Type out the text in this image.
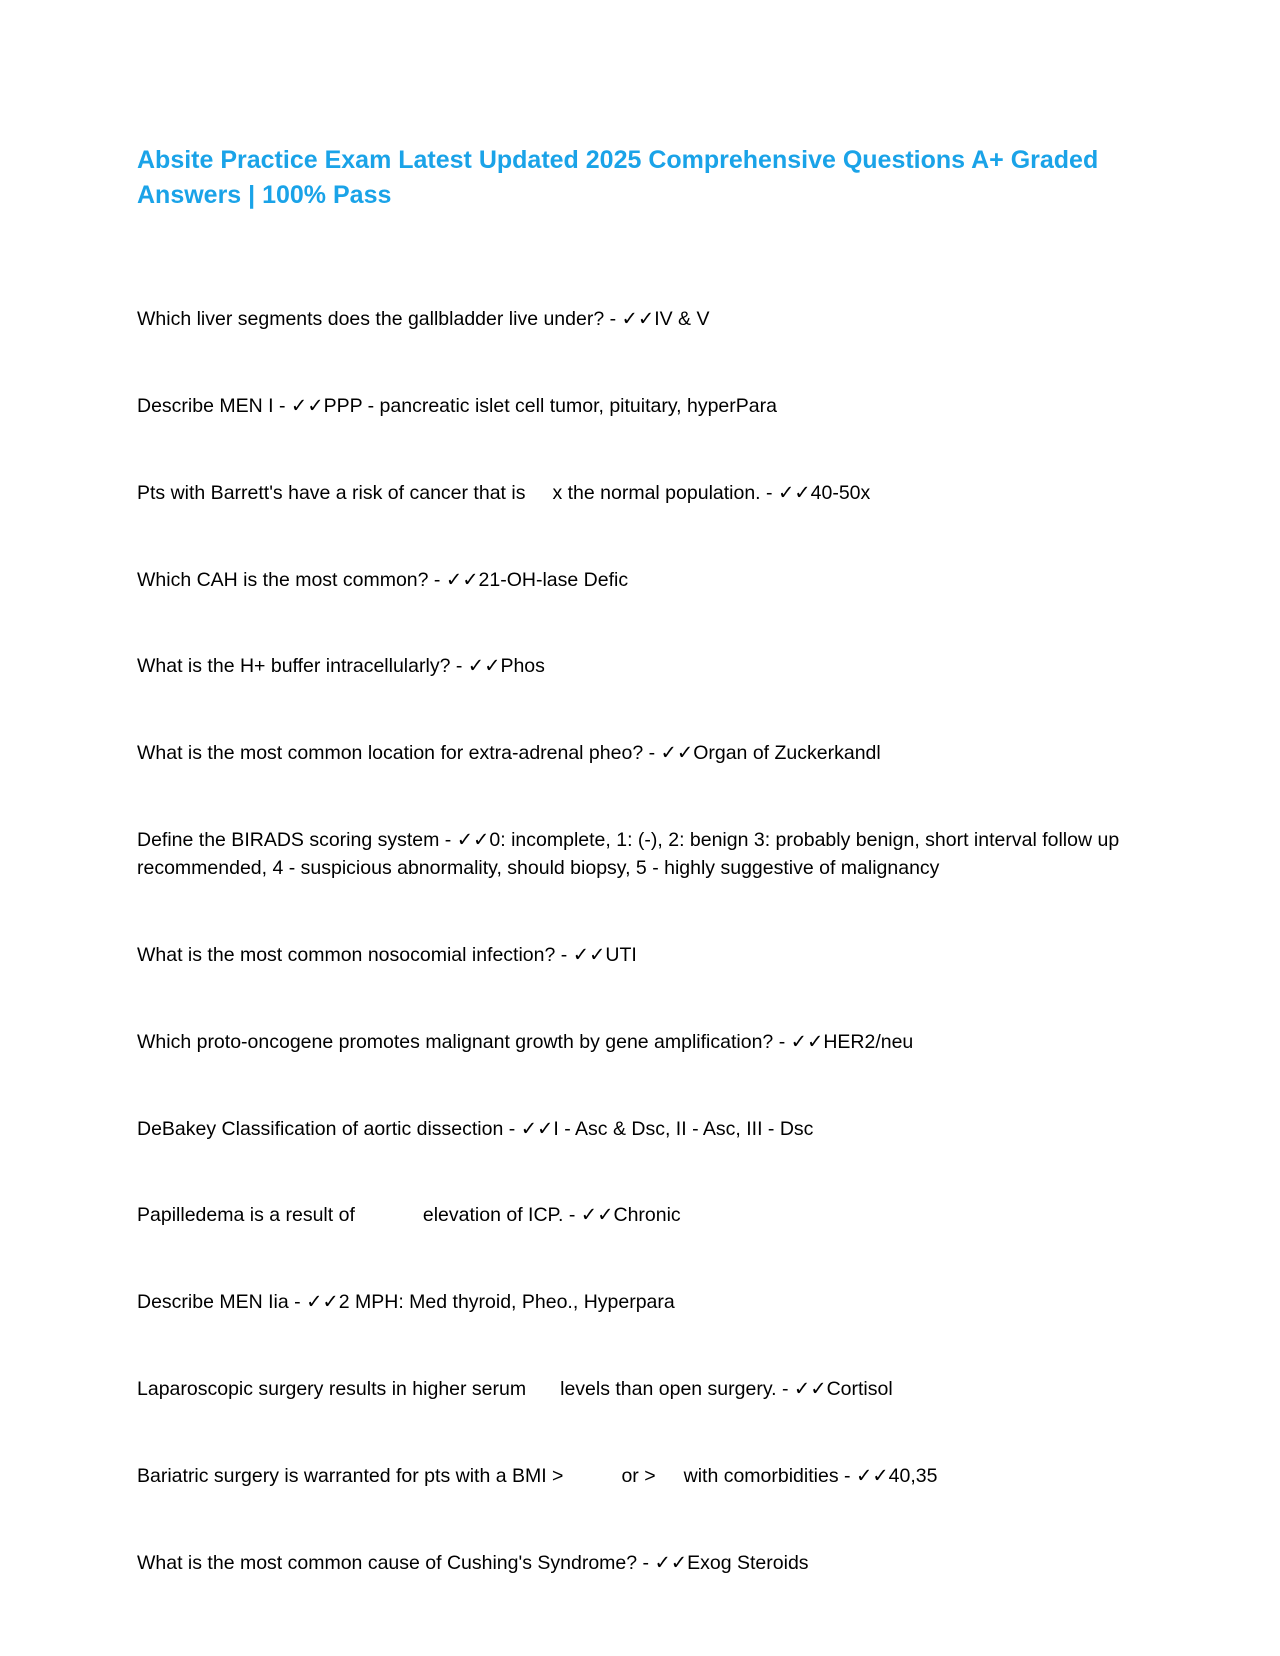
Absite Practice Exam Latest Updated 2025 Comprehensive Questions A+ Graded Answers | 100% Pass

Which liver segments does the gallbladder live under? - ✓✓IV & V

Describe MEN I - ✓✓PPP - pancreatic islet cell tumor, pituitary, hyperPara

Pts with Barrett's have a risk of cancer that is x the normal population. - ✓✓40-50x

Which CAH is the most common? - ✓✓21-OH-lase Defic

What is the H+ buffer intracellularly? - ✓✓Phos

What is the most common location for extra-adrenal pheo? - ✓✓Organ of Zuckerkandl

Define the BIRADS scoring system - ✓✓0: incomplete, 1: (-), 2: benign 3: probably benign, short interval follow up recommended, 4 - suspicious abnormality, should biopsy, 5 - highly suggestive of malignancy

What is the most common nosocomial infection? - ✓✓UTI

Which proto-oncogene promotes malignant growth by gene amplification? - ✓✓HER2/neu

DeBakey Classification of aortic dissection - ✓✓I - Asc & Dsc, II - Asc, III - Dsc

Papilledema is a result of	elevation of ICP. - ✓✓Chronic

Describe MEN Iia - ✓✓2 MPH: Med thyroid, Pheo., Hyperpara

Laparoscopic surgery results in higher serum levels than open surgery. - ✓✓Cortisol

Bariatric surgery is warranted for pts with a BMI >	or > with comorbidities - ✓✓40,35

What is the most common cause of Cushing's Syndrome? - ✓✓Exog Steroids
